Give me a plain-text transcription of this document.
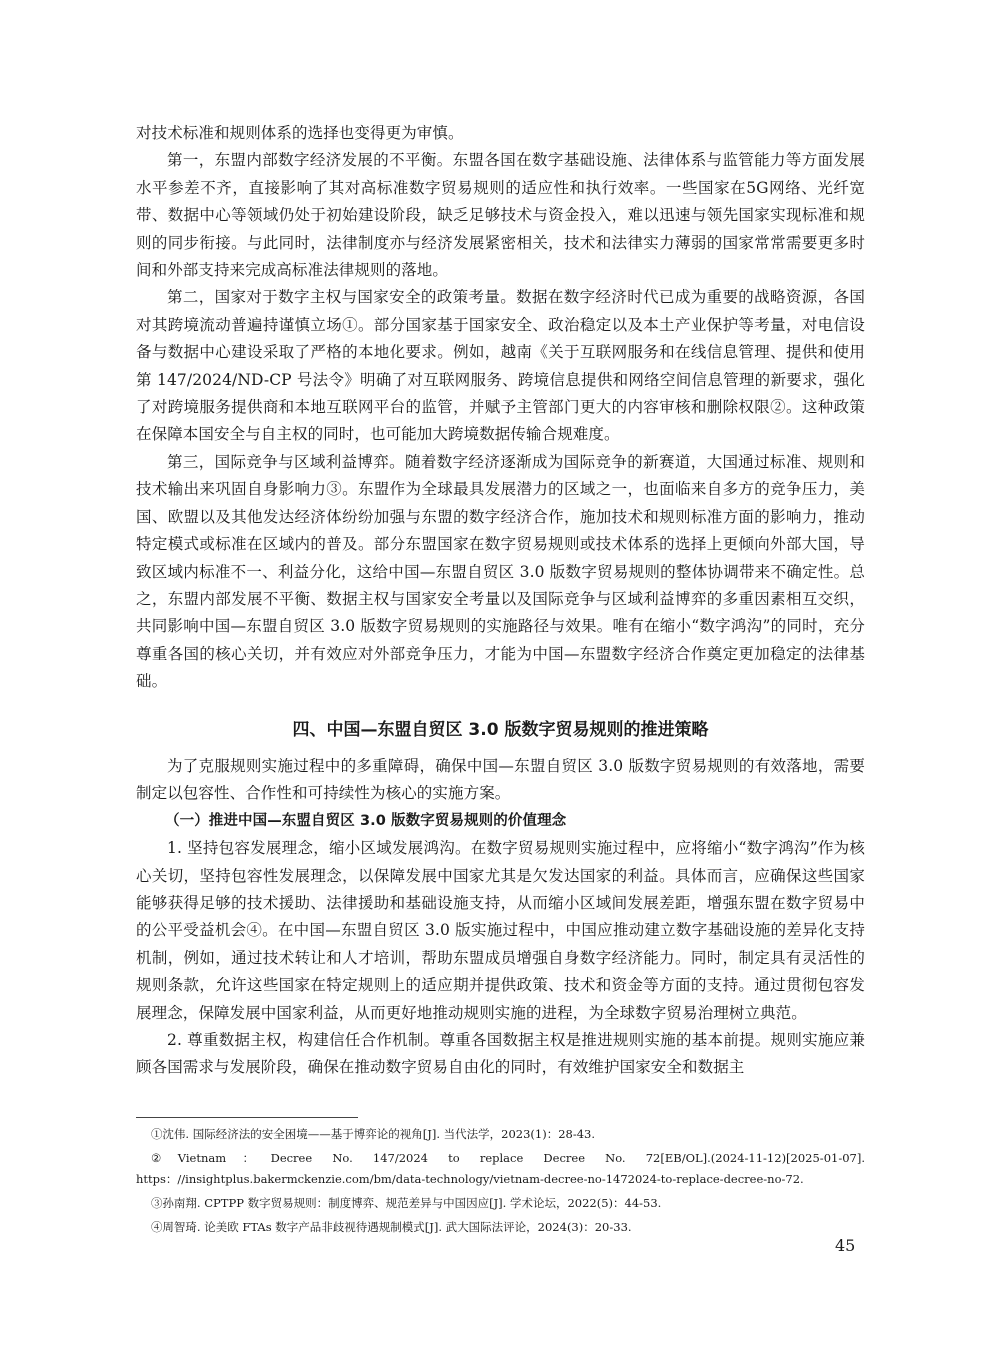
对技术标准和规则体系的选择也变得更为审慎。

第一，东盟内部数字经济发展的不平衡。东盟各国在数字基础设施、法律体系与监管能力等方面发展水平参差不齐，直接影响了其对高标准数字贸易规则的适应性和执行效率。一些国家在5G网络、光纤宽带、数据中心等领域仍处于初始建设阶段，缺乏足够技术与资金投入，难以迅速与领先国家实现标准和规则的同步衔接。与此同时，法律制度亦与经济发展紧密相关，技术和法律实力薄弱的国家常常需要更多时间和外部支持来完成高标准法律规则的落地。

第二，国家对于数字主权与国家安全的政策考量。数据在数字经济时代已成为重要的战略资源，各国对其跨境流动普遍持谨慎立场①。部分国家基于国家安全、政治稳定以及本土产业保护等考量，对电信设备与数据中心建设采取了严格的本地化要求。例如，越南《关于互联网服务和在线信息管理、提供和使用第 147/2024/ND-CP 号法令》明确了对互联网服务、跨境信息提供和网络空间信息管理的新要求，强化了对跨境服务提供商和本地互联网平台的监管，并赋予主管部门更大的内容审核和删除权限②。这种政策在保障本国安全与自主权的同时，也可能加大跨境数据传输合规难度。

第三，国际竞争与区域利益博弈。随着数字经济逐渐成为国际竞争的新赛道，大国通过标准、规则和技术输出来巩固自身影响力③。东盟作为全球最具发展潜力的区域之一，也面临来自多方的竞争压力，美国、欧盟以及其他发达经济体纷纷加强与东盟的数字经济合作，施加技术和规则标准方面的影响力，推动特定模式或标准在区域内的普及。部分东盟国家在数字贸易规则或技术体系的选择上更倾向外部大国，导致区域内标准不一、利益分化，这给中国—东盟自贸区 3.0 版数字贸易规则的整体协调带来不确定性。总之，东盟内部发展不平衡、数据主权与国家安全考量以及国际竞争与区域利益博弈的多重因素相互交织，共同影响中国—东盟自贸区 3.0 版数字贸易规则的实施路径与效果。唯有在缩小“数字鸿沟”的同时，充分尊重各国的核心关切，并有效应对外部竞争压力，才能为中国—东盟数字经济合作奠定更加稳定的法律基础。

四、中国—东盟自贸区 3.0 版数字贸易规则的推进策略

为了克服规则实施过程中的多重障碍，确保中国—东盟自贸区 3.0 版数字贸易规则的有效落地，需要制定以包容性、合作性和可持续性为核心的实施方案。

（一）推进中国—东盟自贸区 3.0 版数字贸易规则的价值理念

1. 坚持包容发展理念，缩小区域发展鸿沟。在数字贸易规则实施过程中，应将缩小“数字鸿沟”作为核心关切，坚持包容性发展理念，以保障发展中国家尤其是欠发达国家的利益。具体而言，应确保这些国家能够获得足够的技术援助、法律援助和基础设施支持，从而缩小区域间发展差距，增强东盟在数字贸易中的公平受益机会④。在中国—东盟自贸区 3.0 版实施过程中，中国应推动建立数字基础设施的差异化支持机制，例如，通过技术转让和人才培训，帮助东盟成员增强自身数字经济能力。同时，制定具有灵活性的规则条款，允许这些国家在特定规则上的适应期并提供政策、技术和资金等方面的支持。通过贯彻包容发展理念，保障发展中国家利益，从而更好地推动规则实施的进程，为全球数字贸易治理树立典范。

2. 尊重数据主权，构建信任合作机制。尊重各国数据主权是推进规则实施的基本前提。规则实施应兼顾各国需求与发展阶段，确保在推动数字贸易自由化的同时，有效维护国家安全和数据主

①沈伟. 国际经济法的安全困境——基于博弈论的视角[J]. 当代法学，2023(1)：28-43.

②Vietnam：Decree No. 147/2024 to replace Decree No. 72[EB/OL].(2024-11-12)[2025-01-07]. https：//insightplus.bakermckenzie.com/bm/data-technology/vietnam-decree-no-1472024-to-replace-decree-no-72.

③孙南翔. CPTPP 数字贸易规则：制度博弈、规范差异与中国因应[J]. 学术论坛，2022(5)：44-53.

④周智琦. 论美欧 FTAs 数字产品非歧视待遇规制模式[J]. 武大国际法评论，2024(3)：20-33.

45
